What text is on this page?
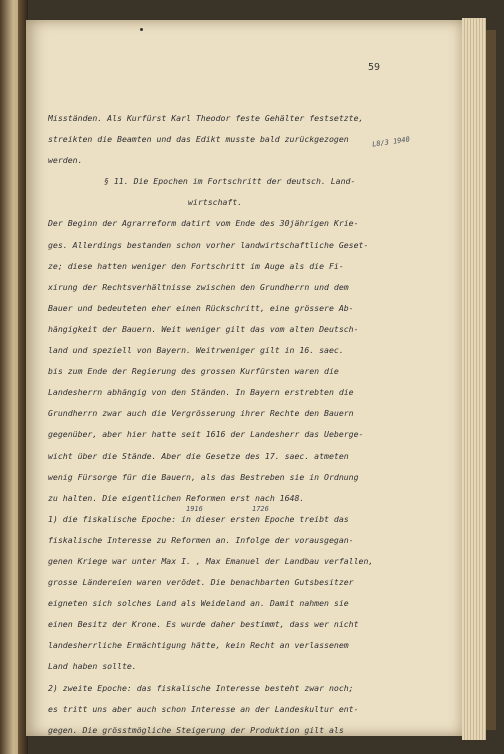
59
L8/3 1940
1916	1726
Misständen. Als Kurfürst Karl Theodor feste Gehälter festsetzte,
streikten die Beamten und das Edikt musste bald zurückgezogen
werden.
§ 11. Die Epochen im Fortschritt der deutsch. Land-
wirtschaft.
Der Beginn der Agrarreform datirt vom Ende des 30jährigen Krie-
ges. Allerdings bestanden schon vorher landwirtschaftliche Geset-
ze; diese hatten weniger den Fortschritt im Auge als die Fi-
xirung der Rechtsverhältnisse zwischen den Grundherrn und dem
Bauer und bedeuteten eher einen Rückschritt, eine grössere Ab-
hängigkeit der Bauern. Weit weniger gilt das vom alten Deutsch-
land und speziell von Bayern. Weitrweniger gilt in 16. saec.
bis zum Ende der Regierung des grossen Kurfürsten waren die
Landesherrn abhängig von den Ständen. In Bayern erstrebten die
Grundherrn zwar auch die Vergrösserung ihrer Rechte den Bauern
gegenüber, aber hier hatte seit 1616 der Landesherr das Ueberge-
wicht über die Stände. Aber die Gesetze des 17. saec. atmeten
wenig Fürsorge für die Bauern, als das Bestreben sie in Ordnung
zu halten. Die eigentlichen Reformen erst nach 1648.
1) die fiskalische Epoche: in dieser ersten Epoche treibt das
fiskalische Interesse zu Reformen an. Infolge der vorausgegan-
genen Kriege war unter Max I. , Max Emanuel der Landbau verfallen,
grosse Ländereien waren verödet. Die benachbarten Gutsbesitzer
eigneten sich solches Land als Weideland an. Damit nahmen sie
einen Besitz der Krone. Es wurde daher bestimmt, dass wer nicht
landesherrliche Ermächtigung hätte, kein Recht an verlassenem
Land haben sollte.
2) zweite Epoche: das fiskalische Interesse besteht zwar noch;
es tritt uns aber auch schon Interesse an der Landeskultur ent-
gegen. Die grösstmögliche Steigerung der Produktion gilt als
